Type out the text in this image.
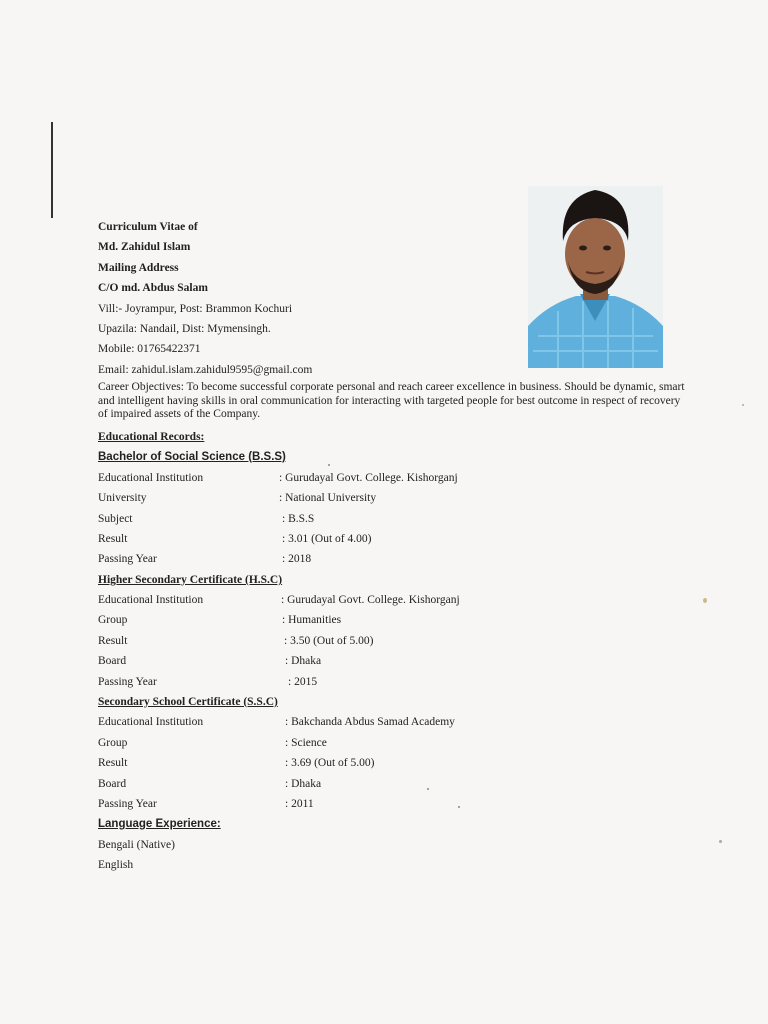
Curriculum Vitae of
Md. Zahidul Islam
Mailing Address
C/O md. Abdus Salam
Vill:- Joyrampur, Post: Brammon Kochuri
Upazila: Nandail, Dist: Mymensingh.
Mobile: 01765422371
Email: zahidul.islam.zahidul9595@gmail.com
Career Objectives: To become successful corporate personal and reach career excellence in business. Should be dynamic, smart and intelligent having skills in oral communication for interacting with targeted people for best outcome in respect of recovery of impaired assets of the Company.
Educational Records:
Bachelor of Social Science (B.S.S)
Educational Institution	: Gurudayal Govt. College. Kishorganj
University	: National University
Subject	: B.S.S
Result	: 3.01 (Out of 4.00)
Passing Year	: 2018
Higher Secondary Certificate (H.S.C)
Educational Institution	: Gurudayal Govt. College. Kishorganj
Group	: Humanities
Result	: 3.50 (Out of 5.00)
Board	: Dhaka
Passing Year	: 2015
Secondary School Certificate (S.S.C)
Educational Institution	: Bakchanda Abdus Samad Academy
Group	: Science
Result	: 3.69 (Out of 5.00)
Board	: Dhaka
Passing Year	: 2011
Language Experience:
Bengali (Native)
English
